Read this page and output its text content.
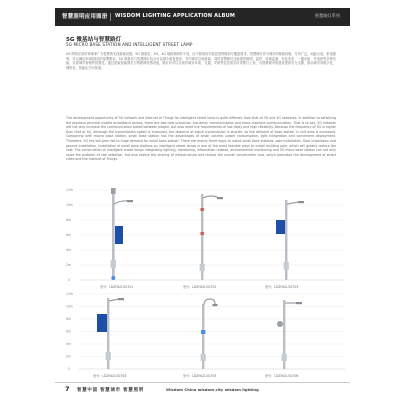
智慧照明应用图册 WISDOM LIGHTING APPLICATION ALBUM	智慧路灯系列
5G 微基站与智慧路灯
5G MICRO BASE STATION AND INTELLIGENT STREET LAMP
5G 网络应用时钟频率广为智慧的无线基础设施，5G 微基站，5G，4G 频段频率的不同，由于微基站安装密度的增加与覆盖需求，智慧路灯作为城市的基础设施，分布广泛，间距合适，供电便利，可以满足5G微基站的部署要求。5G 微基站与智慧路灯结合可以减少重复建设、节约城市空间资源，同时智慧路灯还能提供照明、监控、环境监测、信息发布、一键求助、充电桩等多种功能，实现城市管理的智慧化。通过搭载智能网关与物联网传感设备，路灯杆可以实现对城市环境、交通、安防等信息的实时采集与上传，为智慧城市的建设提供有力支撑，推动城市向数字化、网络化、智能化方向发展。
The development opportunity of 5G network and Internet of Things for intelligent street lamp is quite different from that of 3G and 4G networks. In addition to satisfying the previous physical mobile broadband access, there are two new scenarios: low-delay communication and mass machine communication. That is to say, 5G network will not only increase the communication speed between people, but also meet the requirements of low delay and high reliability. Because the frequency of 5G is higher than that of 4G, although the transmission speed is improved, the distance of signal transmission is shorter, so the demand of base station in unit area is increased. Comparing with macro base station, small base station has the advantages of small volume, power consumption, light integration and convenient deployment. Therefore, 5G era will give rise to huge demand for small base station. There are mainly three ways to install small base stations: pole installation, floor installation and ground installation. Installation of small base stations on intelligent street lamps is one of the most feasible ways to install building pole, which will greatly reduce the cost. The construction of intelligent street lamps integrating lighting, monitoring, information release, environmental monitoring and 5G micro base station can not only solve the problem of site selection, but also realize the sharing of infrastructure and reduce the overall construction cost, which promotes the development of smart cities and the Internet of Things.
12m
10m
8m
6m
4m
2m
0
型号：LDZHLD-5G701	型号：LDZHLD-5G702	型号：LDZHLD-5G703
12m
10m
8m
6m
4m
2m
0
型号：LDZHLD-5G704	型号：LDZHLD-5G705	型号：LDZHLD-5G706
7 智慧中国 智慧城市 智慧照明	Wisdom China wisdom city wisdom lighting
